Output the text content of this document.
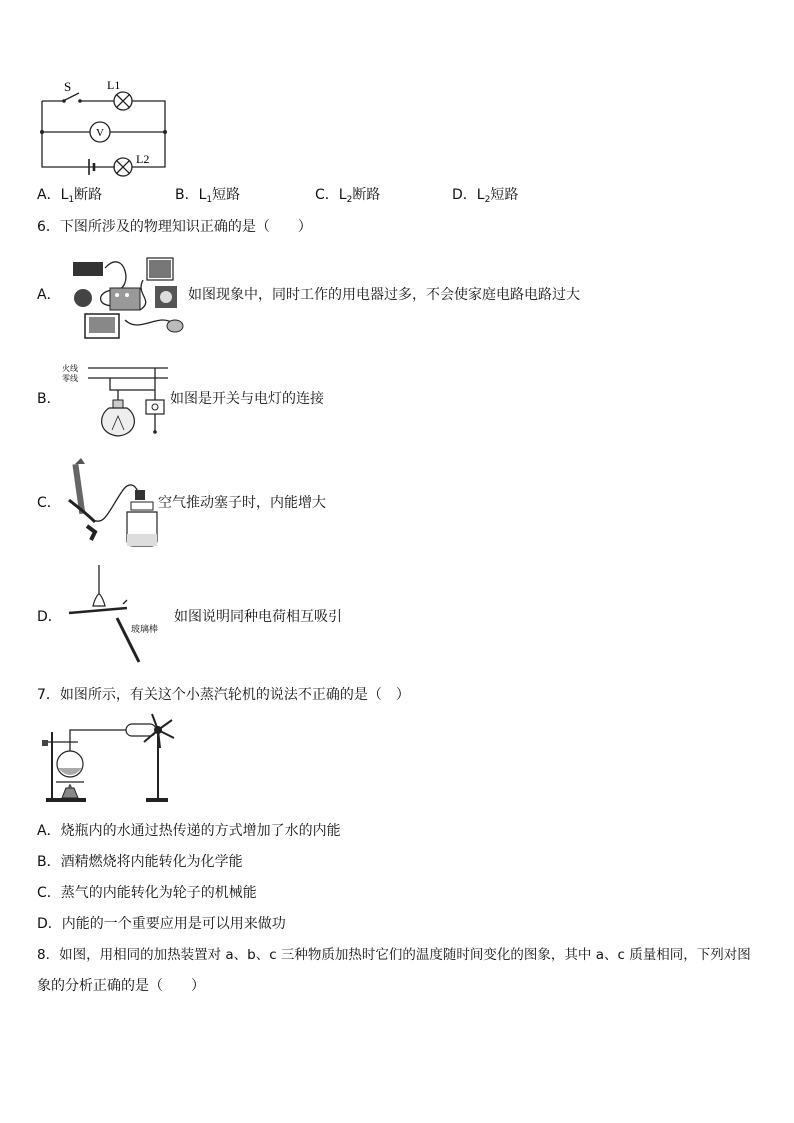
S	L1
V
L2
A．$L_1$断路	B．$L_1$短路	C．$L_2$断路	D．$L_2$短路
6．下图所涉及的物理知识正确的是（　　）
A．	如图现象中，同时工作的用电器过多，不会使家庭电路电路过大
B．
火线
零线
如图是开关与电灯的连接
C．	空气推动塞子时，内能增大
D．
玻璃棒
如图说明同种电荷相互吸引
7．如图所示，有关这个小蒸汽轮机的说法不正确的是（　）
A．烧瓶内的水通过热传递的方式增加了水的内能
B．酒精燃烧将内能转化为化学能
C．蒸气的内能转化为轮子的机械能
D．内能的一个重要应用是可以用来做功
8．如图，用相同的加热装置对 a、b、c 三种物质加热时它们的温度随时间变化的图象，其中 a、c 质量相同，下列对图
象的分析正确的是（　　）
